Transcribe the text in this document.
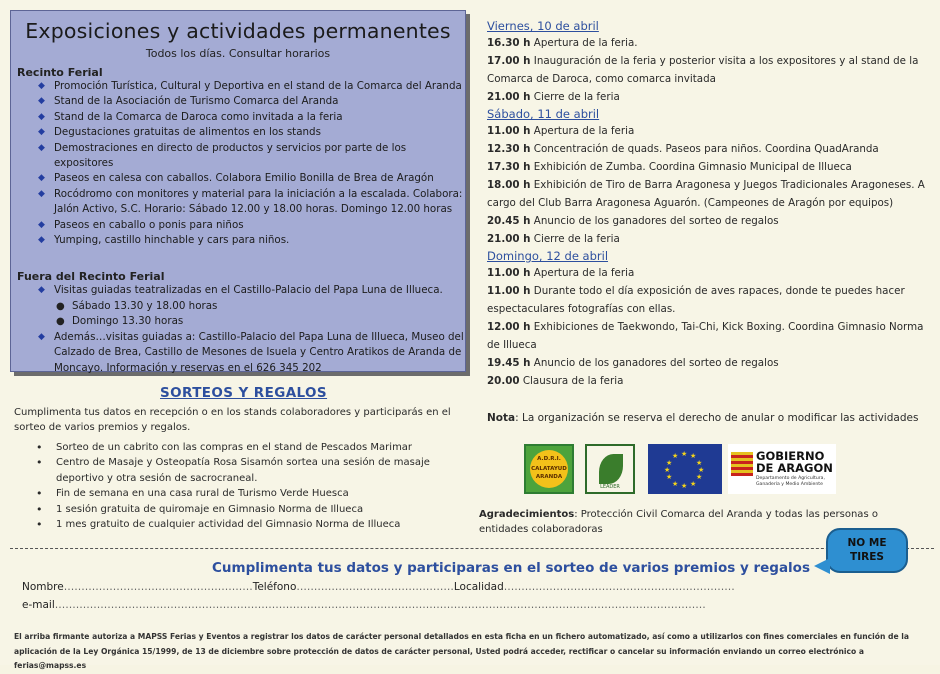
Exposiciones y actividades permanentes
Todos los días. Consultar horarios
Recinto Ferial
◆ Promoción Turística, Cultural y Deportiva en el stand de la Comarca del Aranda
◆ Stand de la Asociación de Turismo Comarca del Aranda
◆ Stand de la Comarca de Daroca como invitada a la feria
◆ Degustaciones gratuitas de alimentos en los stands
◆ Demostraciones en directo de productos y servicios por parte de los expositores
◆ Paseos en calesa con caballos. Colabora Emilio Bonilla de Brea de Aragón
◆ Rocódromo con monitores y material para la iniciación a la escalada. Colabora: Jalón Activo, S.C. Horario: Sábado 12.00 y 18.00 horas. Domingo 12.00 horas
◆ Paseos en caballo o ponis para niños
◆ Yumping, castillo hinchable y cars para niños.
Fuera del Recinto Ferial
◆ Visitas guiadas teatralizadas en el Castillo-Palacio del Papa Luna de Illueca.
● Sábado 13.30 y 18.00 horas
● Domingo 13.30 horas
◆ Además…visitas guiadas a: Castillo-Palacio del Papa Luna de Illueca, Museo del Calzado de Brea, Castillo de Mesones de Isuela y Centro Aratikos de Aranda de Moncayo. Información y reservas en el 626 345 202
SORTEOS Y REGALOS
Cumplimenta tus datos en recepción o en los stands colaboradores y participarás en el sorteo de varios premios y regalos.
• Sorteo de un cabrito con las compras en el stand de Pescados Marimar
• Centro de Masaje y Osteopatía Rosa Sisamón sortea una sesión de masaje deportivo y otra sesión de sacrocraneal.
• Fin de semana en una casa rural de Turismo Verde Huesca
• 1 sesión gratuita de quiromaje en Gimnasio Norma de Illueca
• 1 mes gratuito de cualquier actividad del Gimnasio Norma de Illueca
Viernes, 10 de abril
16.30 h Apertura de la feria.
17.00 h Inauguración de la feria y posterior visita a los expositores y al stand de la Comarca de Daroca, como comarca invitada
21.00 h Cierre de la feria
Sábado, 11 de abril
11.00 h Apertura de la feria
12.30 h Concentración de quads. Paseos para niños. Coordina QuadAranda
17.30 h Exhibición de Zumba. Coordina Gimnasio Municipal de Illueca
18.00 h Exhibición de Tiro de Barra Aragonesa y Juegos Tradicionales Aragoneses. A cargo del Club Barra Aragonesa Aguarón. (Campeones de Aragón por equipos)
20.45 h Anuncio de los ganadores del sorteo de regalos
21.00 h Cierre de la feria
Domingo, 12 de abril
11.00 h Apertura de la feria
11.00 h Durante todo el día exposición de aves rapaces, donde te puedes hacer espectaculares fotografías con ellas.
12.00 h Exhibiciones de Taekwondo, Tai-Chi, Kick Boxing. Coordina Gimnasio Norma de Illueca
19.45 h Anuncio de los ganadores del sorteo de regalos
20.00 Clausura de la feria
Nota: La organización se reserva el derecho de anular o modificar las actividades
A.D.R.I.
CALATAYUD
ARANDA
LEADER
★ ★
★
★
★
★
★
★
★
★
★
★	GOBIERNO
DE ARAGON
Departamento de Agricultura,
Ganadería y Medio Ambiente
Agradecimientos: Protección Civil Comarca del Aranda y todas las personas o entidades colaboradoras
NO ME
TIRES
Cumplimenta tus datos y participaras en el sorteo de varios premios y regalos
Nombre………………………………………………Teléfono………………………………………Localidad…………………………………………………………
e-mail……………………………………………………………………………………………………………………………………………………………………
El arriba firmante autoriza a MAPSS Ferias y Eventos a registrar los datos de carácter personal detallados en esta ficha en un fichero automatizado, así como a utilizarlos con fines comerciales en función de la aplicación de la Ley Orgánica 15/1999, de 13 de diciembre sobre protección de datos de carácter personal, Usted podrá acceder, rectificar o cancelar su información enviando un correo electrónico a ferias@mapss.es
